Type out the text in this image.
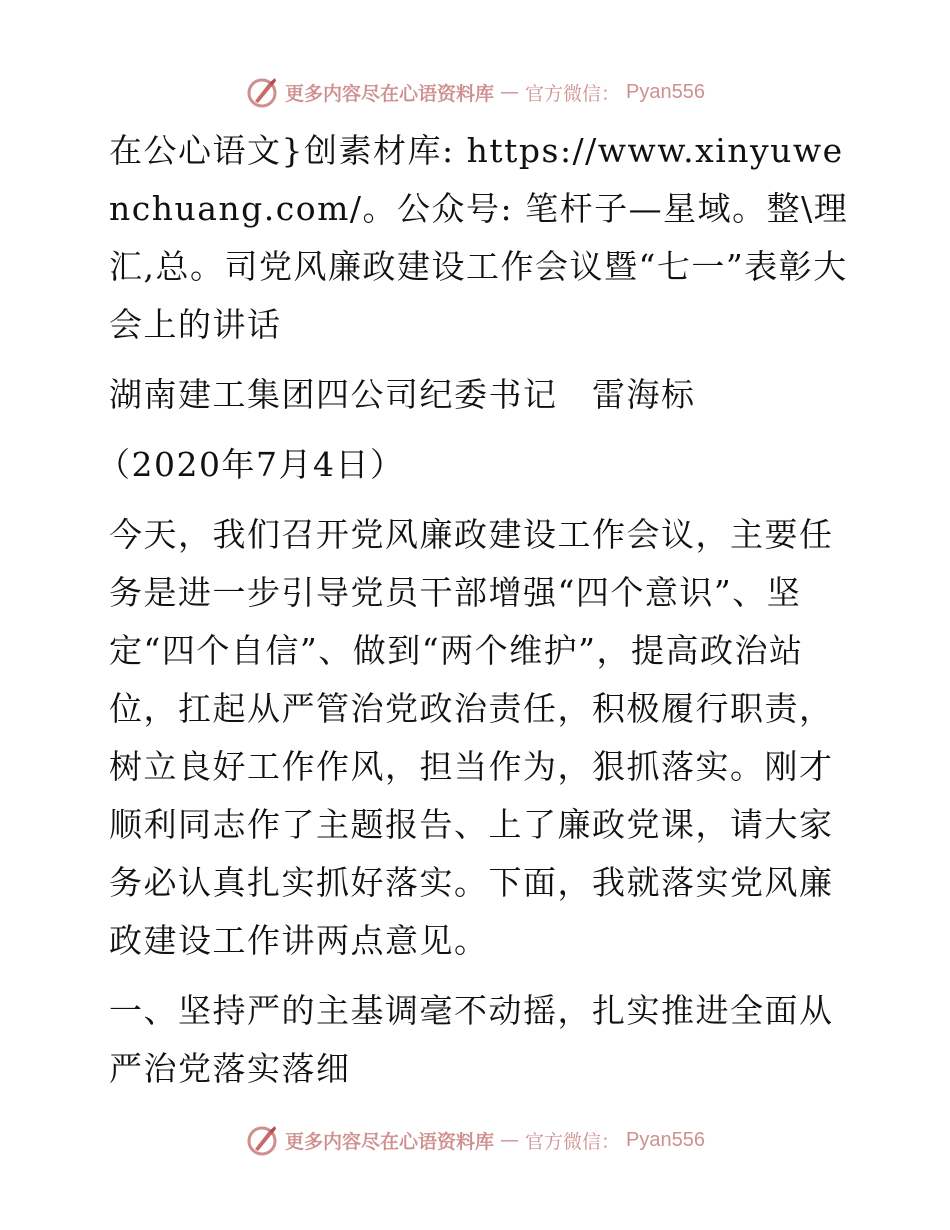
更多内容尽在心语资料库 — 官方微信： Pyan556

在公心语文}创素材库: https://www.xinyuwenchuang.com/。公众号: 笔杆子—星域。整\理汇,总。司党风廉政建设工作会议暨“七一”表彰大会上的讲话

湖南建工集团四公司纪委书记　雷海标

（2020年7月4日）

今天，我们召开党风廉政建设工作会议，主要任务是进一步引导党员干部增强“四个意识”、坚定“四个自信”、做到“两个维护”，提高政治站位，扛起从严管治党政治责任，积极履行职责，树立良好工作作风，担当作为，狠抓落实。刚才顺利同志作了主题报告、上了廉政党课，请大家务必认真扎实抓好落实。下面，我就落实党风廉政建设工作讲两点意见。

一、坚持严的主基调毫不动摇，扎实推进全面从严治党落实落细

更多内容尽在心语资料库 — 官方微信： Pyan556
